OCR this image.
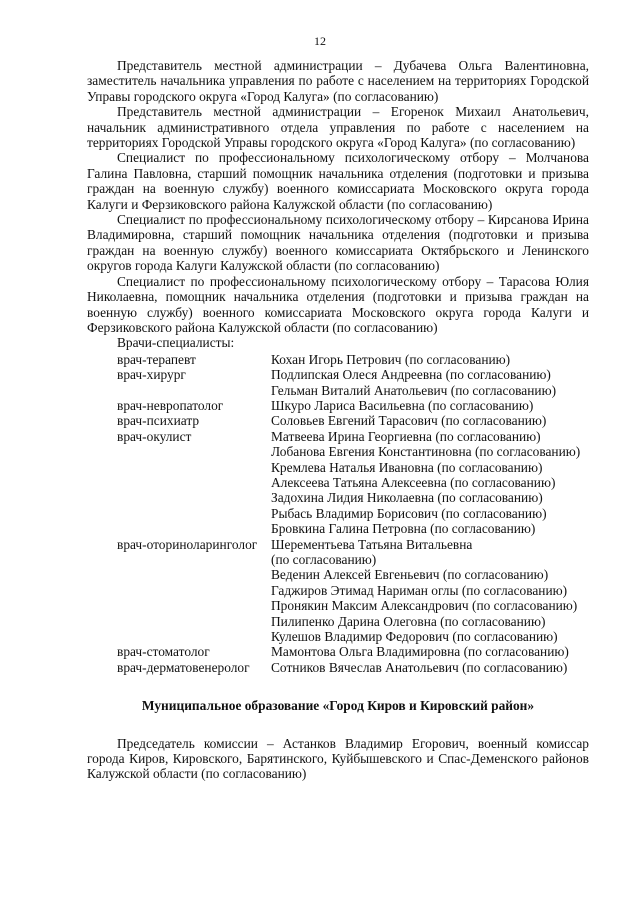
12

Представитель местной администрации – Дубачева Ольга Валентиновна, заместитель начальника управления по работе с населением на территориях Городской Управы городского округа «Город Калуга» (по согласованию)

Представитель местной администрации – Егоренок Михаил Анатольевич, начальник административного отдела управления по работе с населением на территориях Городской Управы городского округа «Город Калуга» (по согласованию)

Специалист по профессиональному психологическому отбору – Молчанова Галина Павловна, старший помощник начальника отделения (подготовки и призыва граждан на военную службу) военного комиссариата Московского округа города Калуги и Ферзиковского района Калужской области (по согласованию)

Специалист по профессиональному психологическому отбору – Кирсанова Ирина Владимировна, старший помощник начальника отделения (подготовки и призыва граждан на военную службу) военного комиссариата Октябрьского и Ленинского округов города Калуги Калужской области (по согласованию)

Специалист по профессиональному психологическому отбору – Тарасова Юлия Николаевна, помощник начальника отделения (подготовки и призыва граждан на военную службу) военного комиссариата Московского округа города Калуги и Ферзиковского района Калужской области (по согласованию)

Врачи-специалисты:

врач-терапевт	Кохан Игорь Петрович (по согласованию)
врач-хирург	Подлипская Олеся Андреевна (по согласованию)
Гельман Виталий Анатольевич (по согласованию)
врач-невропатолог	Шкуро Лариса Васильевна (по согласованию)
врач-психиатр	Соловьев Евгений Тарасович (по согласованию)
врач-окулист	Матвеева Ирина Георгиевна (по согласованию)
Лобанова Евгения Константиновна (по согласованию)
Кремлева Наталья Ивановна (по согласованию)
Алексеева Татьяна Алексеевна (по согласованию)
Задохина Лидия Николаевна (по согласованию)
Рыбась Владимир Борисович (по согласованию)
Бровкина Галина Петровна (по согласованию)
врач-оториноларинголог	Шерементьева Татьяна Витальевна
(по согласованию)
Веденин Алексей Евгеньевич (по согласованию)
Гаджиров Этимад Нариман оглы (по согласованию)
Пронякин Максим Александрович (по согласованию)
Пилипенко Дарина Олеговна (по согласованию)
Кулешов Владимир Федорович (по согласованию)
врач-стоматолог	Мамонтова Ольга Владимировна (по согласованию)
врач-дерматовенеролог	Сотников Вячеслав Анатольевич (по согласованию)

Муниципальное образование «Город Киров и Кировский район»

Председатель комиссии – Астанков Владимир Егорович, военный комиссар города Киров, Кировского, Барятинского, Куйбышевского и Спас-Деменского районов Калужской области (по согласованию)
